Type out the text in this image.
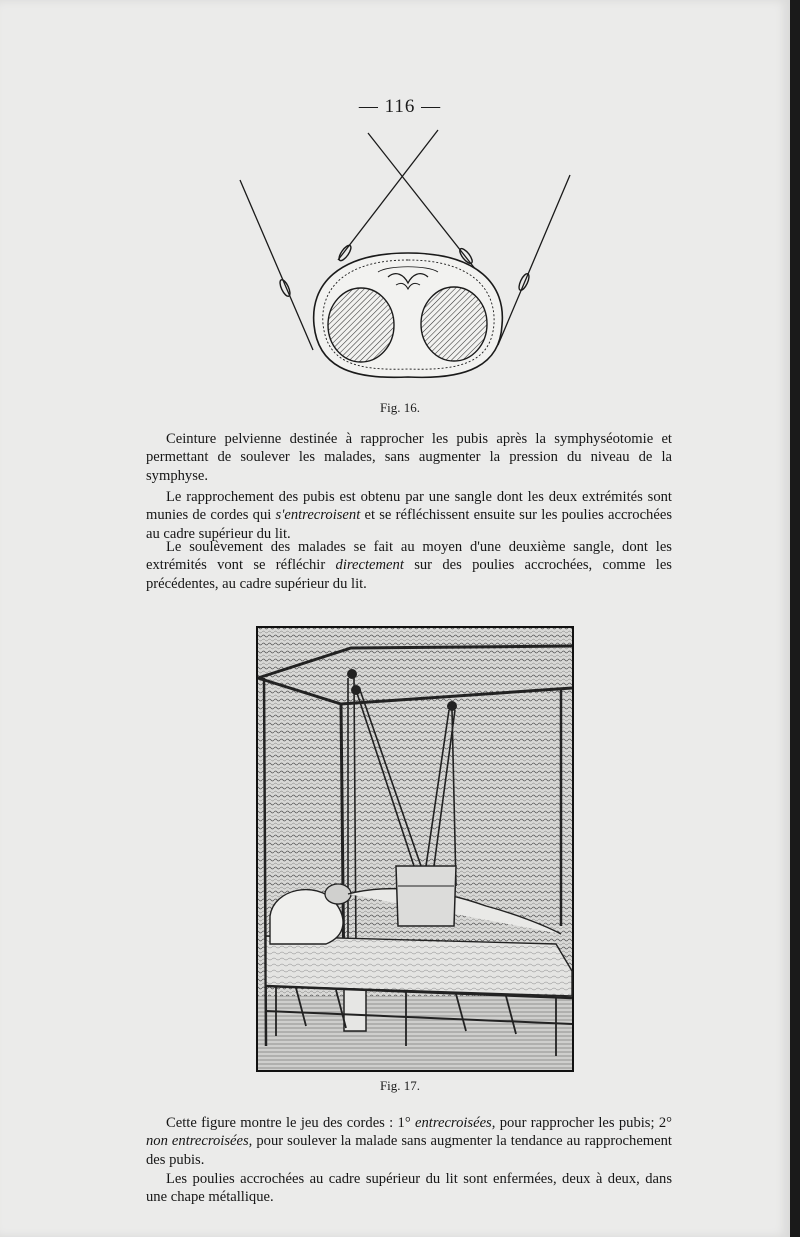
— 116 —
Fig. 16.

Ceinture pelvienne destinée à rapprocher les pubis après la symphyséotomie et permettant de soulever les malades, sans augmenter la pression du niveau de la symphyse.

Le rapprochement des pubis est obtenu par une sangle dont les deux extrémités sont munies de cordes qui s'entrecroisent et se réfléchissent ensuite sur les poulies accrochées au cadre supérieur du lit.

Le soulèvement des malades se fait au moyen d'une deuxième sangle, dont les extrémités vont se réfléchir directement sur des poulies accrochées, comme les précédentes, au cadre supérieur du lit.

Fig. 17.

Cette figure montre le jeu des cordes : 1° entrecroisées, pour rapprocher les pubis; 2° non entrecroisées, pour soulever la malade sans augmenter la tendance au rapprochement des pubis.

Les poulies accrochées au cadre supérieur du lit sont enfermées, deux à deux, dans une chape métallique.
